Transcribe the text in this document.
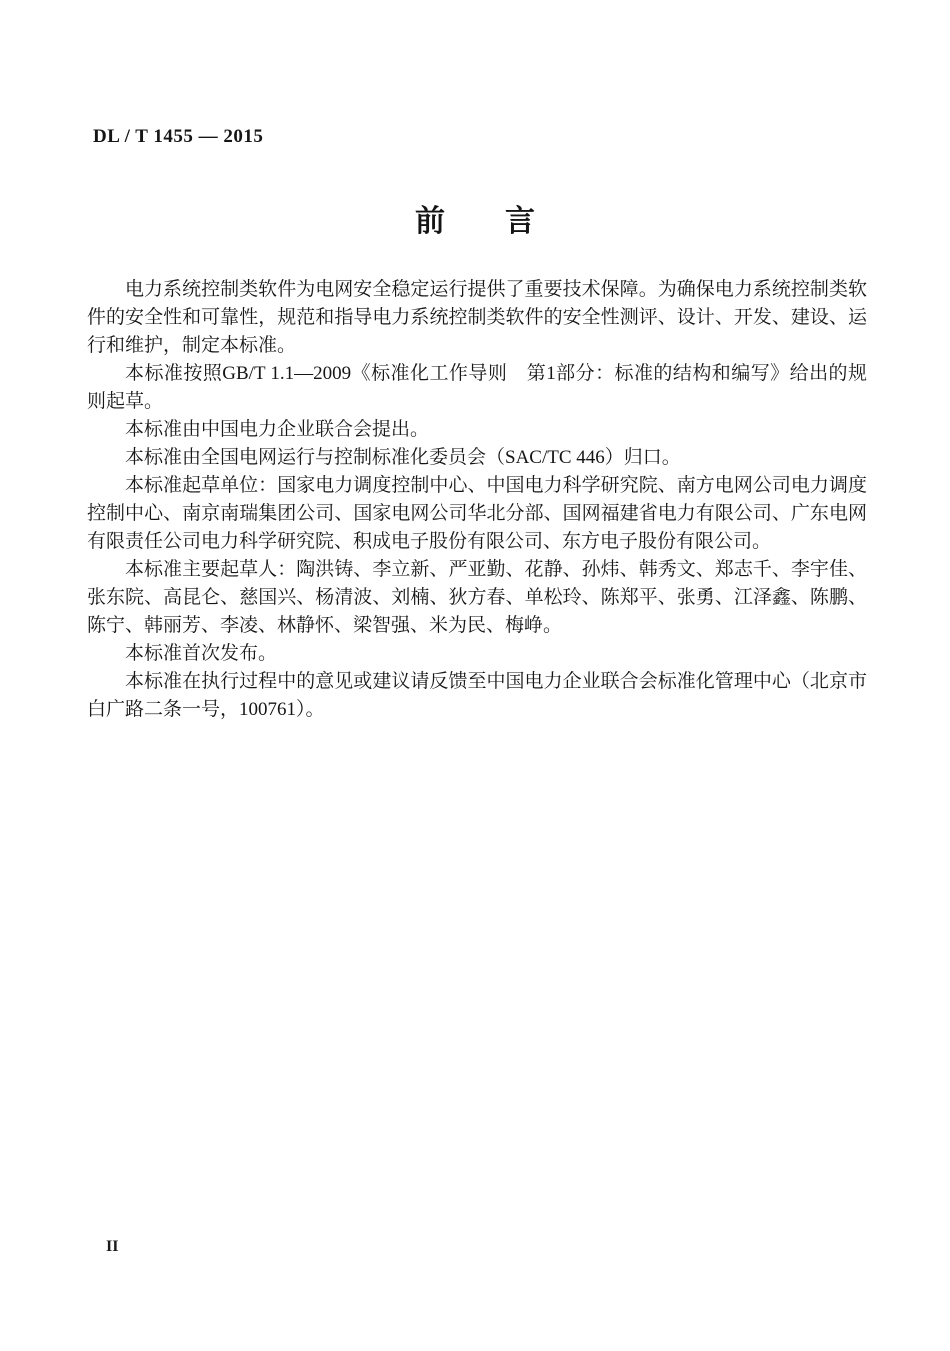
DL / T 1455 — 2015
前言

电力系统控制类软件为电网安全稳定运行提供了重要技术保障。为确保电力系统控制类软件的安全性和可靠性，规范和指导电力系统控制类软件的安全性测评、设计、开发、建设、运行和维护，制定本标准。

本标准按照GB/T 1.1—2009《标准化工作导则　第1部分：标准的结构和编写》给出的规则起草。

本标准由中国电力企业联合会提出。

本标准由全国电网运行与控制标准化委员会（SAC/TC 446）归口。

本标准起草单位：国家电力调度控制中心、中国电力科学研究院、南方电网公司电力调度控制中心、南京南瑞集团公司、国家电网公司华北分部、国网福建省电力有限公司、广东电网有限责任公司电力科学研究院、积成电子股份有限公司、东方电子股份有限公司。

本标准主要起草人：陶洪铸、李立新、严亚勤、花静、孙炜、韩秀文、郑志千、李宇佳、张东院、高昆仑、慈国兴、杨清波、刘楠、狄方春、单松玲、陈郑平、张勇、江泽鑫、陈鹏、陈宁、韩丽芳、李凌、林静怀、梁智强、米为民、梅峥。

本标准首次发布。

本标准在执行过程中的意见或建议请反馈至中国电力企业联合会标准化管理中心（北京市白广路二条一号，100761）。

II
